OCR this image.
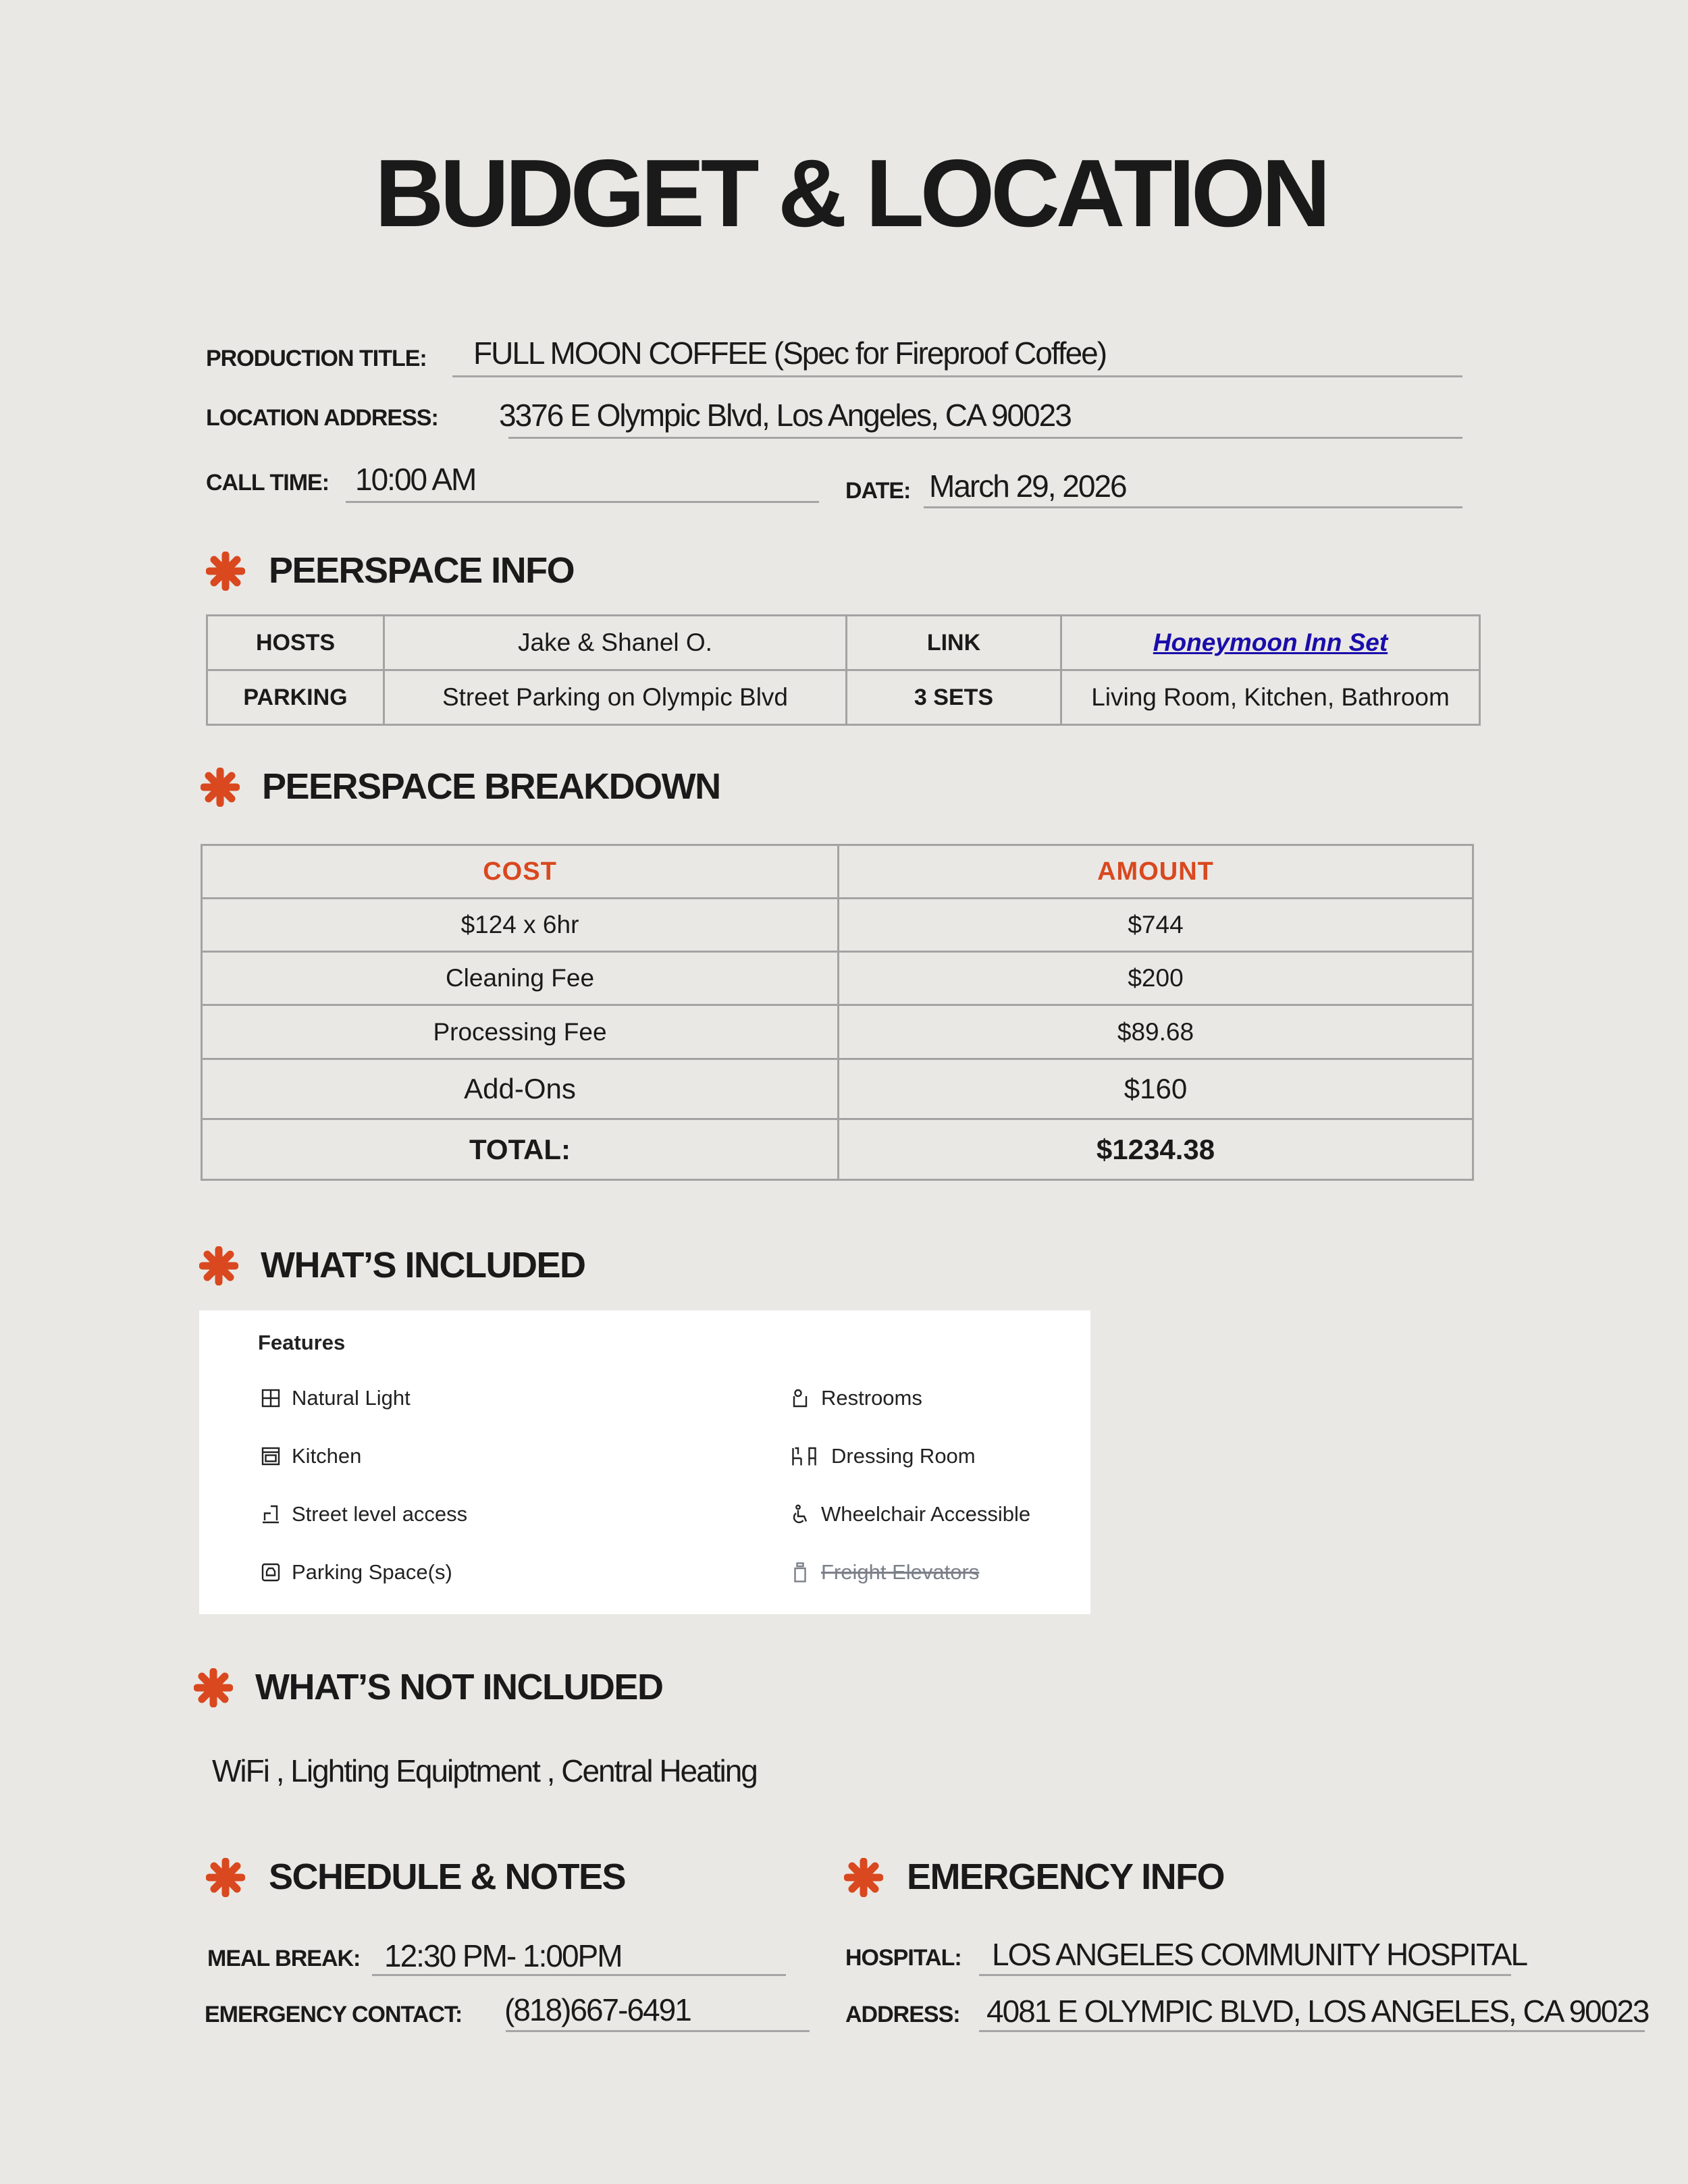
BUDGET & LOCATION
PRODUCTION TITLE: FULL MOON COFFEE (Spec for Fireproof Coffee)
LOCATION ADDRESS: 3376 E Olympic Blvd, Los Angeles, CA 90023
CALL TIME: 10:00 AM	DATE: March 29, 2026
PEERSPACE INFO
HOSTS	Jake & Shanel O.	LINK	Honeymoon Inn Set
PARKING	Street Parking on Olympic Blvd	3 SETS	Living Room, Kitchen, Bathroom
PEERSPACE BREAKDOWN
COST	AMOUNT
$124 x 6hr	$744
Cleaning Fee	$200
Processing Fee	$89.68
Add-Ons	$160
TOTAL:	$1234.38
WHAT’S INCLUDED
Features
Natural Light	Restrooms
Kitchen	Dressing Room
Street level access	Wheelchair Accessible
Parking Space(s)	Freight Elevators
WHAT’S NOT INCLUDED
WiFi , Lighting Equiptment , Central Heating
SCHEDULE & NOTES
MEAL BREAK: 12:30 PM- 1:00PM
EMERGENCY CONTACT: (818)667-6491
EMERGENCY INFO
HOSPITAL: LOS ANGELES COMMUNITY HOSPITAL
ADDRESS: 4081 E OLYMPIC BLVD, LOS ANGELES, CA 90023
